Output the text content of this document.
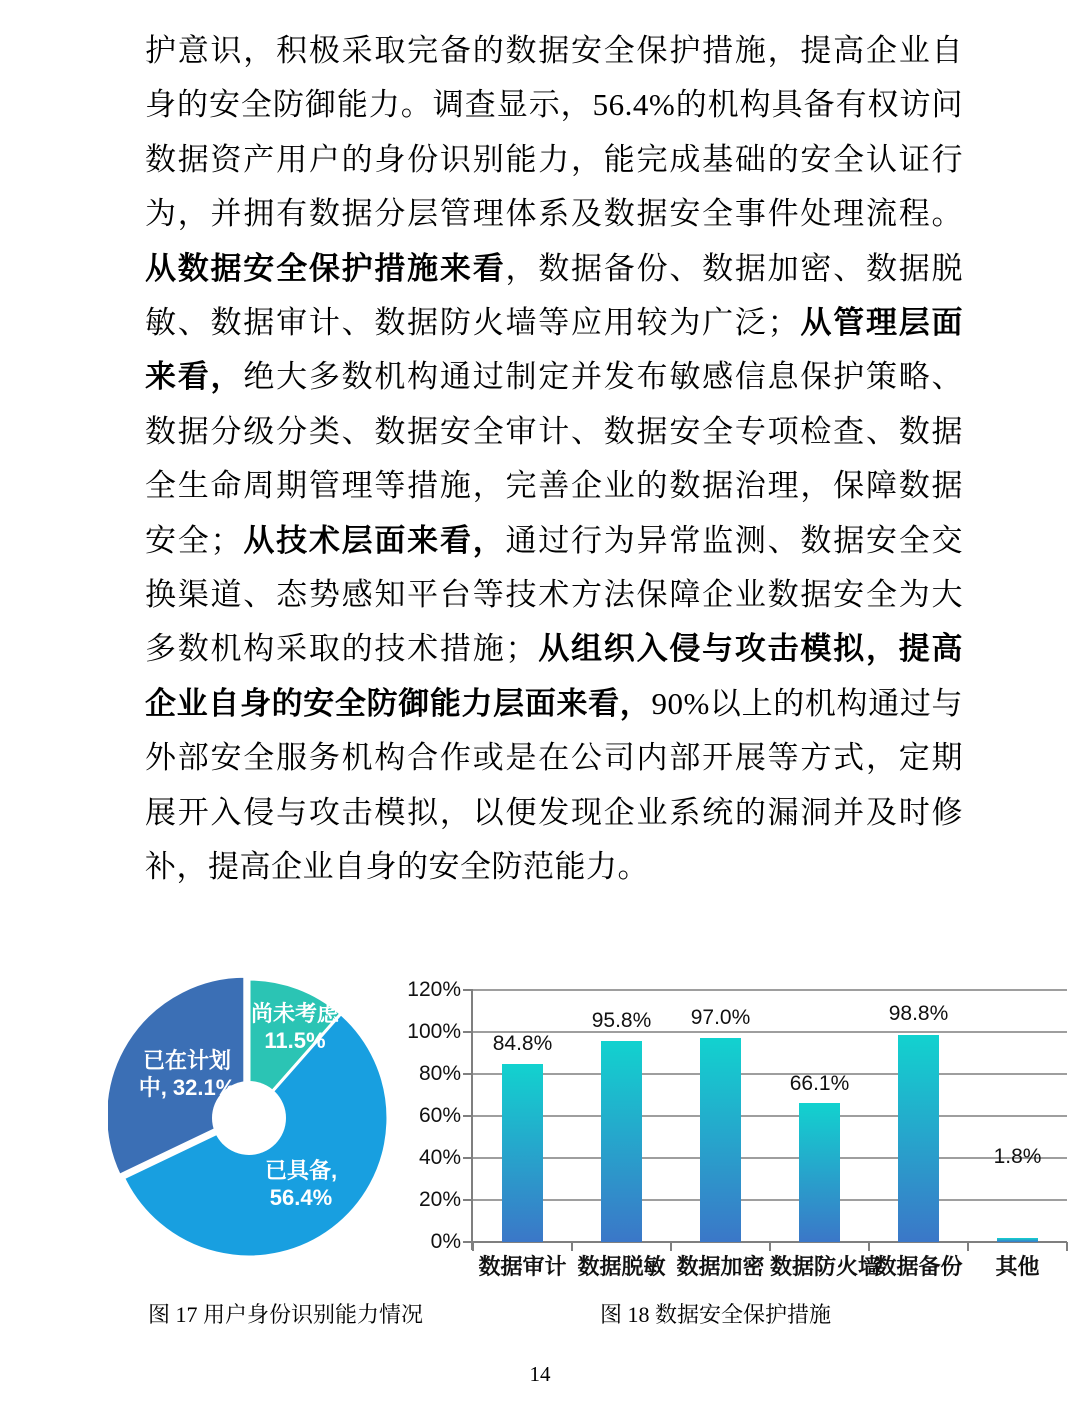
护意识，积极采取完备的数据安全保护措施，提高企业自身的安全防御能力。调查显示，56.4%的机构具备有权访问数据资产用户的身份识别能力，能完成基础的安全认证行为，并拥有数据分层管理体系及数据安全事件处理流程。从数据安全保护措施来看，数据备份、数据加密、数据脱敏、数据审计、数据防火墙等应用较为广泛；从管理层面来看，绝大多数机构通过制定并发布敏感信息保护策略、数据分级分类、数据安全审计、数据安全专项检查、数据全生命周期管理等措施，完善企业的数据治理，保障数据安全；从技术层面来看，通过行为异常监测、数据安全交换渠道、态势感知平台等技术方法保障企业数据安全为大多数机构采取的技术措施；从组织入侵与攻击模拟，提高企业自身的安全防御能力层面来看，90%以上的机构通过与外部安全服务机构合作或是在公司内部开展等方式，定期展开入侵与攻击模拟，以便发现企业系统的漏洞并及时修补，提高企业自身的安全防范能力。
尚未考虑
11.5%
已具备,
56.4%
已在计划
中, 32.1%
0%
20%
40%
60%
80%
100%
120%
84.8%
数据审计
95.8%
数据脱敏
97.0%
数据加密
66.1%
数据防火墙
98.8%
数据备份
1.8%
其他
图 17 用户身份识别能力情况	图 18 数据安全保护措施
14
